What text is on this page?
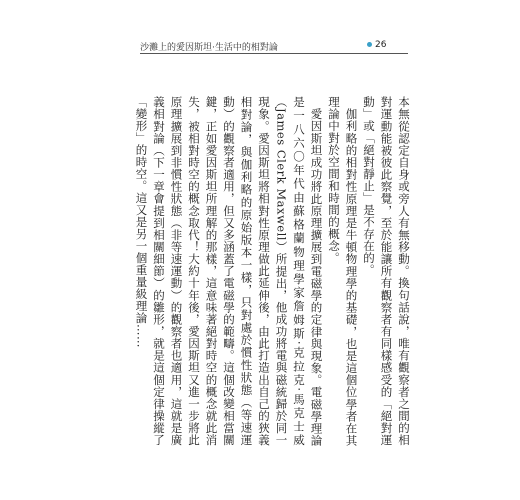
沙灘上的愛因斯坦‧生活中的相對論	26

本無從認定自身或旁人有無移動。換句話說，唯有觀察者之間的相對運動能被彼此察覺，至於能讓所有觀察者有同樣感受的「絕對運動」或「絕對靜止」是不存在的。

伽利略的相對性原理是牛頓物理學的基礎，也是這個位學者在其理論中對於空間和時間的概念。

愛因斯坦成功將此原理擴展到電磁學的定律與現象。電磁學理論是一八六〇年代由蘇格蘭物理學家詹姆斯‧克拉克‧馬克士威（James Clerk Maxwell）所提出，他成功將電與磁統歸於同一現象。愛因斯坦將相對性原理做此延伸後，由此打造出自己的狹義相對論，與伽利略的原始版本一樣，只對處於慣性狀態（等速運動）的觀察者適用，但又多涵蓋了電磁學的範疇。這個改變相當關鍵，正如愛因斯坦所理解的那樣，這意味著絕對時空的概念就此消失，被相對時空的概念取代！大約十年後，愛因斯坦又進一步將此原理擴展到非慣性狀態（非等速運動）的觀察者也適用，這就是廣義相對論（下一章會提到相關細節）的雛形，就是這個定律操縱了「變形」的時空。這又是另一個重量級理論……
